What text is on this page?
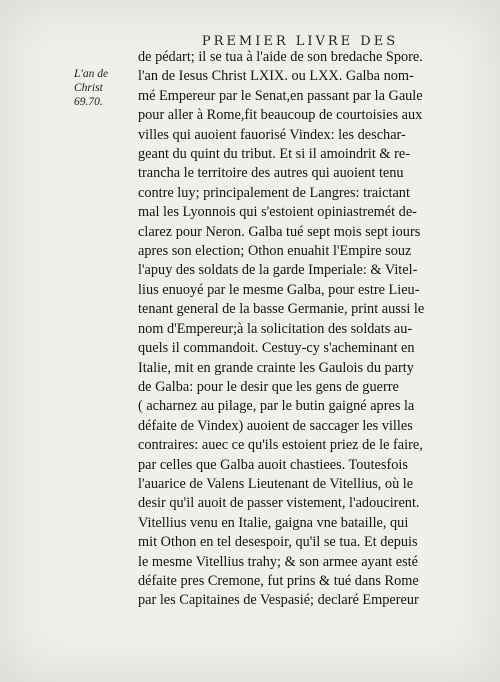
PREMIER LIVRE DES
L'an de
Christ
69.70.
de pédart; il se tua à l'aide de son bredache Spore.
l'an de Iesus Christ LXIX. ou LXX. Galba nom-
mé Empereur par le Senat,en passant par la Gaule
pour aller à Rome,fit beaucoup de courtoisies aux
villes qui auoient fauorisé Vindex: les deschar-
geant du quint du tribut. Et si il amoindrit & re-
trancha le territoire des autres qui auoient tenu
contre luy; principalement de Langres: traictant
mal les Lyonnois qui s'estoient opiniastremét de-
clarez pour Neron. Galba tué sept mois sept iours
apres son election; Othon enuahit l'Empire souz
l'apuy des soldats de la garde Imperiale: & Vitel-
lius enuoyé par le mesme Galba, pour estre Lieu-
tenant general de la basse Germanie, print aussi le
nom d'Empereur;à la solicitation des soldats au-
quels il commandoit. Cestuy-cy s'acheminant en
Italie, mit en grande crainte les Gaulois du party
de Galba: pour le desir que les gens de guerre
( acharnez au pilage, par le butin gaigné apres la
défaite de Vindex) auoient de saccager les villes
contraires: auec ce qu'ils estoient priez de le faire,
par celles que Galba auoit chastiees. Toutesfois
l'auarice de Valens Lieutenant de Vitellius, où le
desir qu'il auoit de passer vistement, l'adoucirent.
Vitellius venu en Italie, gaigna vne bataille, qui
mit Othon en tel desespoir, qu'il se tua. Et depuis
le mesme Vitellius trahy; & son armee ayant esté
défaite pres Cremone, fut prins & tué dans Rome
par les Capitaines de Vespasié; declaré Empereur
